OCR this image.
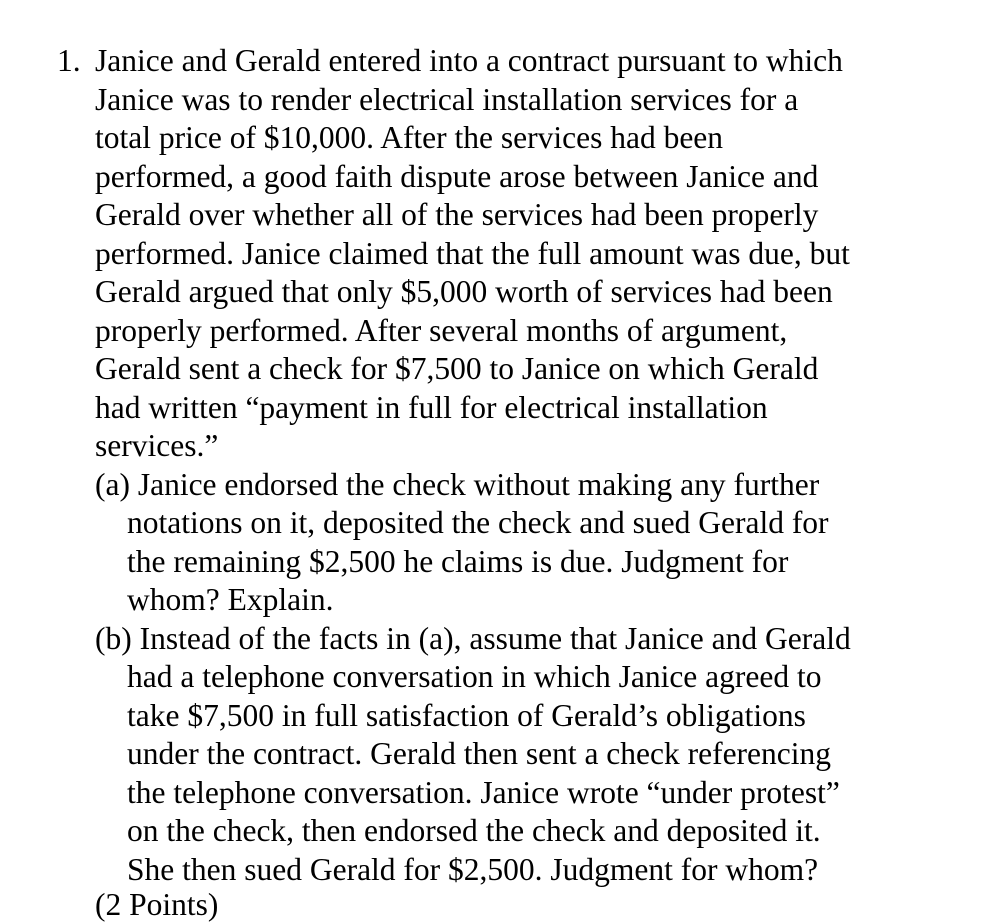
1. Janice and Gerald entered into a contract pursuant to which
Janice was to render electrical installation services for a
total price of $10,000. After the services had been
performed, a good faith dispute arose between Janice and
Gerald over whether all of the services had been properly
performed. Janice claimed that the full amount was due, but
Gerald argued that only $5,000 worth of services had been
properly performed. After several months of argument,
Gerald sent a check for $7,500 to Janice on which Gerald
had written “payment in full for electrical installation
services.”
(a) Janice endorsed the check without making any further
notations on it, deposited the check and sued Gerald for
the remaining $2,500 he claims is due. Judgment for
whom? Explain.
(b) Instead of the facts in (a), assume that Janice and Gerald
had a telephone conversation in which Janice agreed to
take $7,500 in full satisfaction of Gerald’s obligations
under the contract. Gerald then sent a check referencing
the telephone conversation. Janice wrote “under protest”
on the check, then endorsed the check and deposited it.
She then sued Gerald for $2,500. Judgment for whom?
(2 Points)
